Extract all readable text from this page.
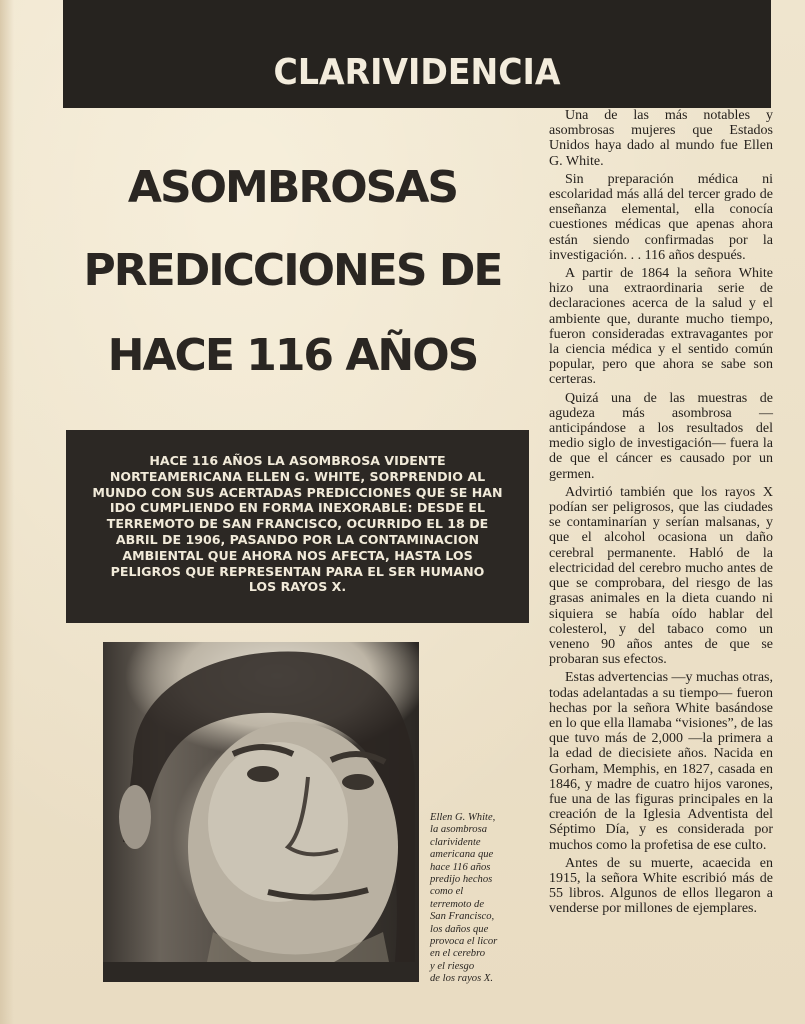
CLARIVIDENCIA
ASOMBROSAS
PREDICCIONES DE
HACE 116 AÑOS
HACE 116 AÑOS LA ASOMBROSA VIDENTE
NORTEAMERICANA ELLEN G. WHITE, SORPRENDIO AL
MUNDO CON SUS ACERTADAS PREDICCIONES QUE SE HAN
IDO CUMPLIENDO EN FORMA INEXORABLE: DESDE EL
TERREMOTO DE SAN FRANCISCO, OCURRIDO EL 18 DE
ABRIL DE 1906, PASANDO POR LA CONTAMINACION
AMBIENTAL QUE AHORA NOS AFECTA, HASTA LOS
PELIGROS QUE REPRESENTAN PARA EL SER HUMANO
LOS RAYOS X.
Ellen G. White,
la asombrosa
clarividente
americana que
hace 116 años
predijo hechos
como el
terremoto de
San Francisco,
los daños que
provoca el licor
en el cerebro
y el riesgo
de los rayos X.

Una de las más notables y asombrosas mujeres que Estados Unidos haya dado al mundo fue Ellen G. White.

Sin preparación médica ni escolaridad más allá del tercer grado de enseñanza elemental, ella conocía cuestiones médicas que apenas ahora están siendo confirmadas por la investigación. . . 116 años después.

A partir de 1864 la señora White hizo una extraordinaria serie de declaraciones acerca de la salud y el ambiente que, durante mucho tiempo, fueron consideradas extravagantes por la ciencia médica y el sentido común popular, pero que ahora se sabe son certeras.

Quizá una de las muestras de agudeza más asombrosa —anticipándose a los resultados del medio siglo de investigación— fuera la de que el cáncer es causado por un germen.

Advirtió también que los rayos X podían ser peligrosos, que las ciudades se contaminarían y serían malsanas, y que el alcohol ocasiona un daño cerebral permanente. Habló de la electricidad del cerebro mucho antes de que se comprobara, del riesgo de las grasas animales en la dieta cuando ni siquiera se había oído hablar del colesterol, y del tabaco como un veneno 90 años antes de que se probaran sus efectos.

Estas advertencias —y muchas otras, todas adelantadas a su tiempo— fueron hechas por la señora White basándose en lo que ella llamaba “visiones”, de las que tuvo más de 2,000 —la primera a la edad de diecisiete años. Nacida en Gorham, Memphis, en 1827, casada en 1846, y madre de cuatro hijos varones, fue una de las figuras principales en la creación de la Iglesia Adventista del Séptimo Día, y es considerada por muchos como la profetisa de ese culto.

Antes de su muerte, acaecida en 1915, la señora White escribió más de 55 libros. Algunos de ellos llegaron a venderse por millones de ejemplares.
